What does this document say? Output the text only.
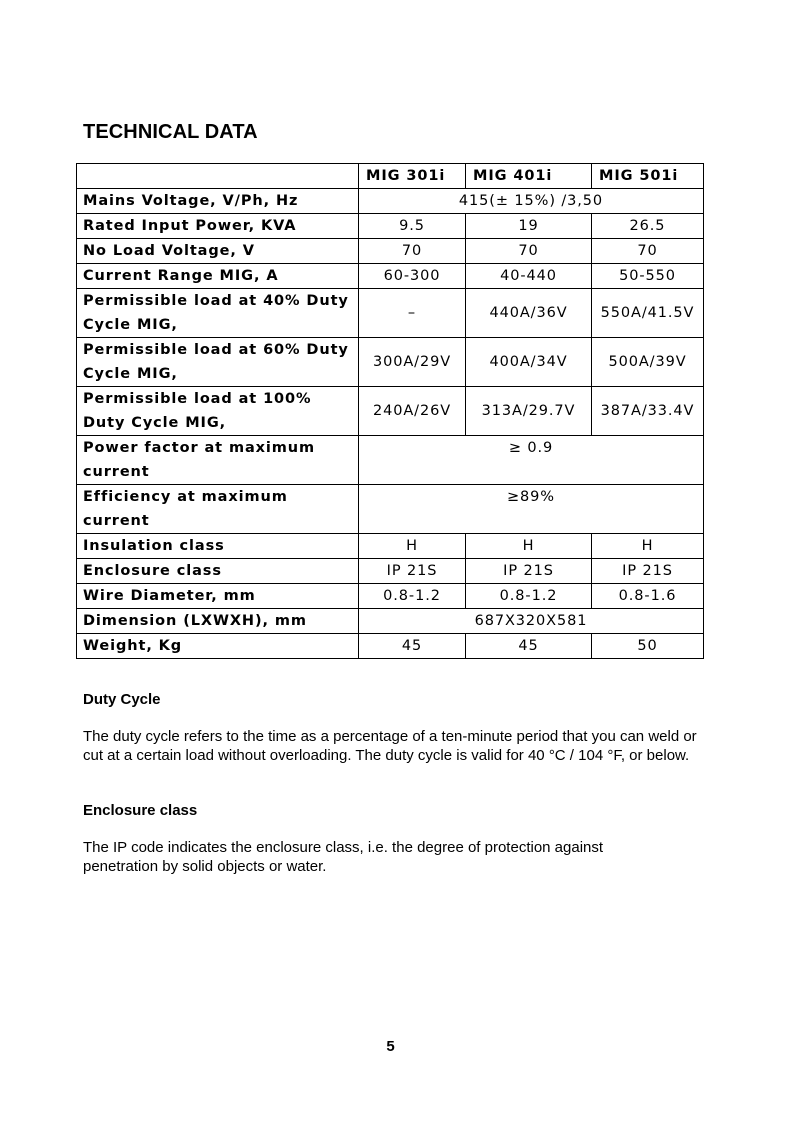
TECHNICAL DATA
	MIG 301i	MIG 401i	MIG 501i
Mains Voltage, V/Ph, Hz	415(± 15%) /3,50		
Rated Input Power, KVA	9.5	19	26.5
No Load Voltage, V	70	70	70
Current Range MIG, A	60-300	40-440	50-550
Permissible load at 40% Duty Cycle MIG,	–	440A/36V	550A/41.5V
Permissible load at 60% Duty Cycle MIG,	300A/29V	400A/34V	500A/39V
Permissible load at 100% Duty Cycle MIG,	240A/26V	313A/29.7V	387A/33.4V
Power factor at maximum current	≥ 0.9		
Efficiency at maximum current	≥89%		
Insulation class	H	H	H
Enclosure class	IP 21S	IP 21S	IP 21S
Wire Diameter, mm	0.8-1.2	0.8-1.2	0.8-1.6
Dimension (LXWXH), mm	687X320X581		
Weight, Kg	45	45	50
Duty Cycle
The duty cycle refers to the time as a percentage of a ten-minute period that you can weld or cut at a certain load without overloading. The duty cycle is valid for 40 °C / 104 °F, or below.
Enclosure class
The IP code indicates the enclosure class, i.e. the degree of protection against penetration by solid objects or water.
5
